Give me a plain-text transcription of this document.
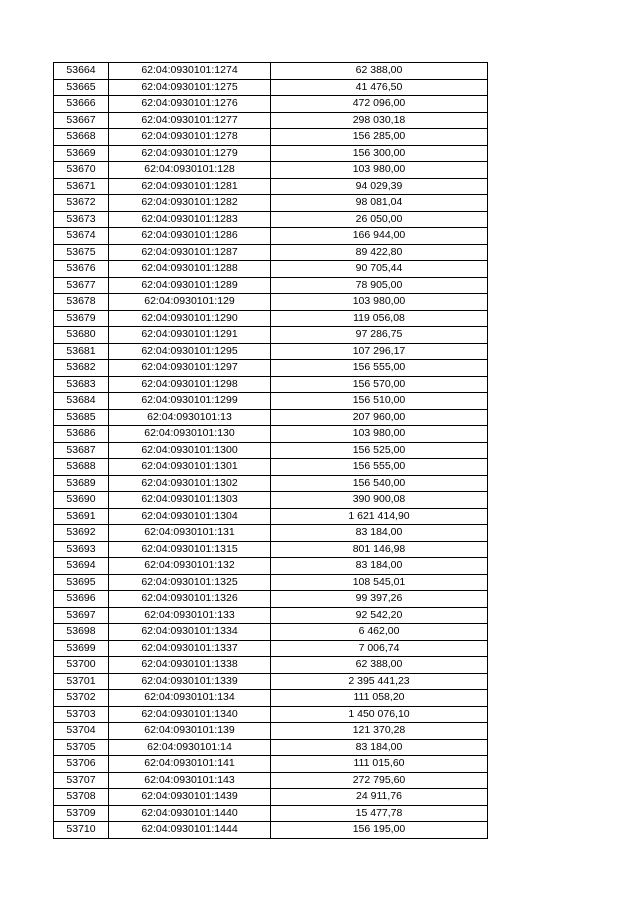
53664	62:04:0930101:1274	62 388,00
53665	62:04:0930101:1275	41 476,50
53666	62:04:0930101:1276	472 096,00
53667	62:04:0930101:1277	298 030,18
53668	62:04:0930101:1278	156 285,00
53669	62:04:0930101:1279	156 300,00
53670	62:04:0930101:128	103 980,00
53671	62:04:0930101:1281	94 029,39
53672	62:04:0930101:1282	98 081,04
53673	62:04:0930101:1283	26 050,00
53674	62:04:0930101:1286	166 944,00
53675	62:04:0930101:1287	89 422,80
53676	62:04:0930101:1288	90 705,44
53677	62:04:0930101:1289	78 905,00
53678	62:04:0930101:129	103 980,00
53679	62:04:0930101:1290	119 056,08
53680	62:04:0930101:1291	97 286,75
53681	62:04:0930101:1295	107 296,17
53682	62:04:0930101:1297	156 555,00
53683	62:04:0930101:1298	156 570,00
53684	62:04:0930101:1299	156 510,00
53685	62:04:0930101:13	207 960,00
53686	62:04:0930101:130	103 980,00
53687	62:04:0930101:1300	156 525,00
53688	62:04:0930101:1301	156 555,00
53689	62:04:0930101:1302	156 540,00
53690	62:04:0930101:1303	390 900,08
53691	62:04:0930101:1304	1 621 414,90
53692	62:04:0930101:131	83 184,00
53693	62:04:0930101:1315	801 146,98
53694	62:04:0930101:132	83 184,00
53695	62:04:0930101:1325	108 545,01
53696	62:04:0930101:1326	99 397,26
53697	62:04:0930101:133	92 542,20
53698	62:04:0930101:1334	6 462,00
53699	62:04:0930101:1337	7 006,74
53700	62:04:0930101:1338	62 388,00
53701	62:04:0930101:1339	2 395 441,23
53702	62:04:0930101:134	111 058,20
53703	62:04:0930101:1340	1 450 076,10
53704	62:04:0930101:139	121 370,28
53705	62:04:0930101:14	83 184,00
53706	62:04:0930101:141	111 015,60
53707	62:04:0930101:143	272 795,60
53708	62:04:0930101:1439	24 911,76
53709	62:04:0930101:1440	15 477,78
53710	62:04:0930101:1444	156 195,00
